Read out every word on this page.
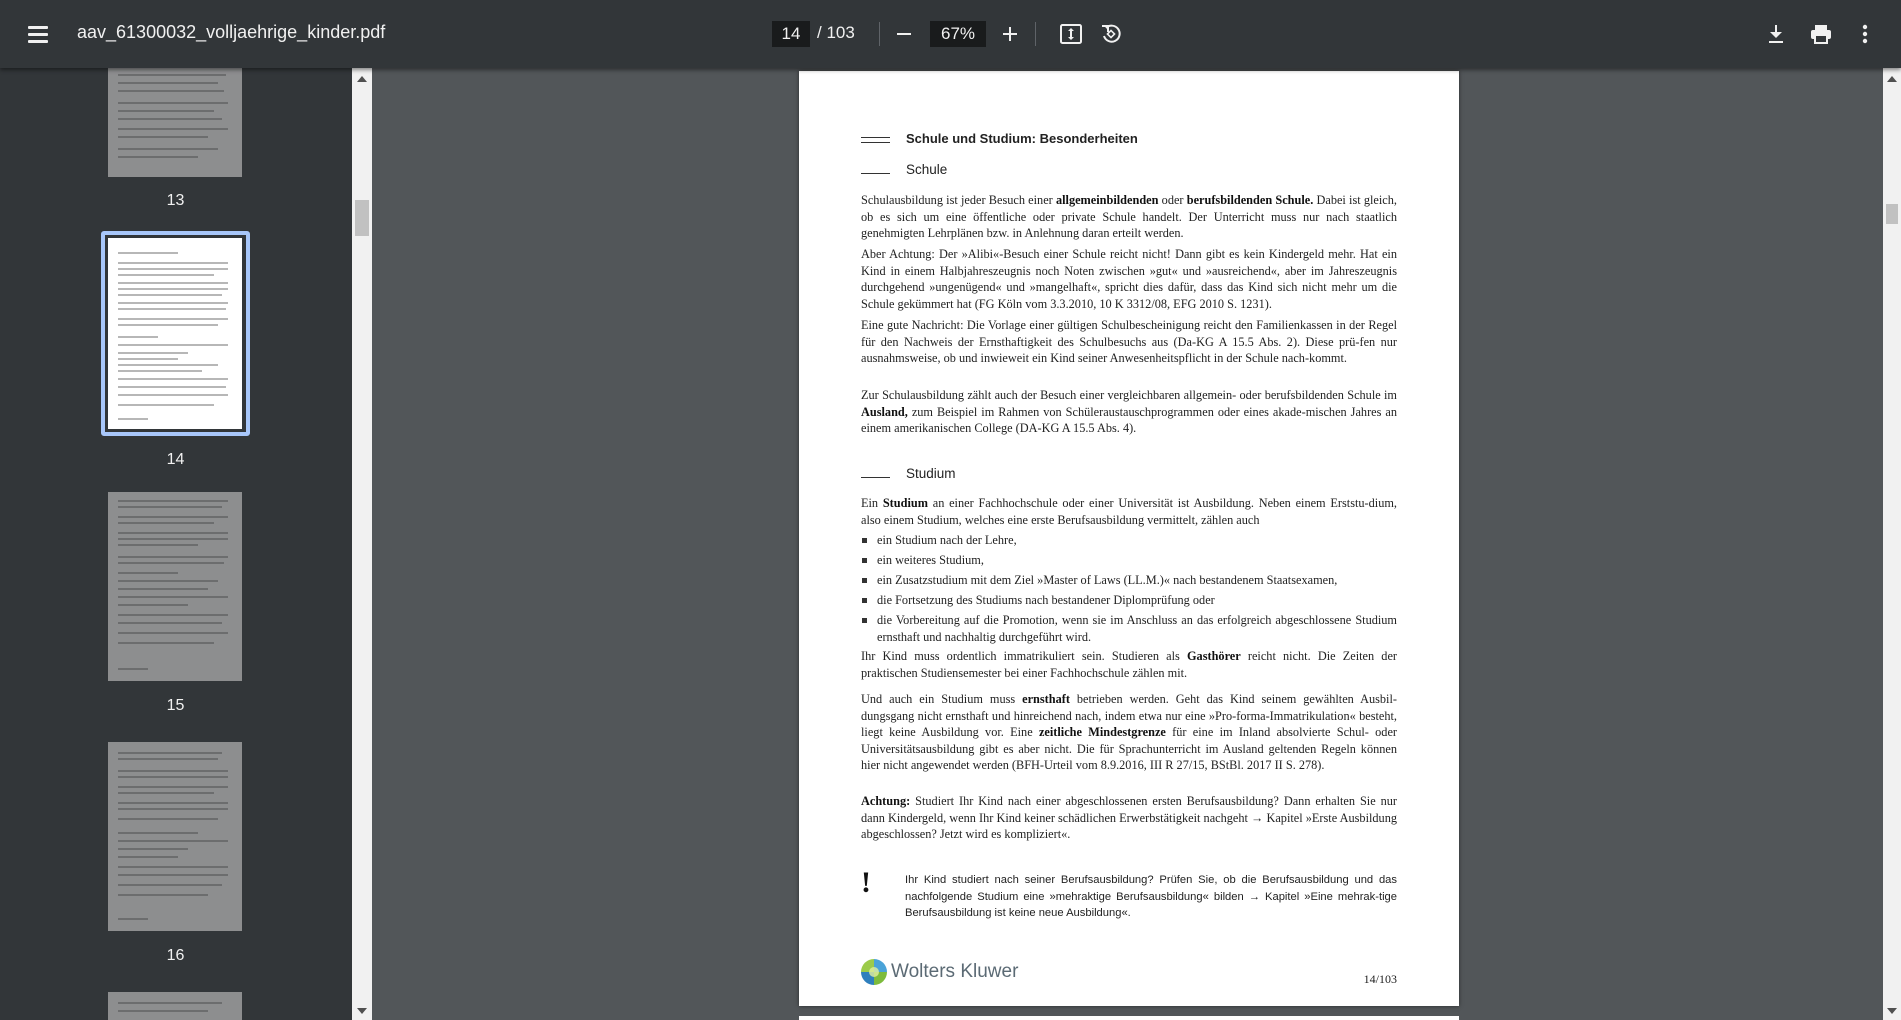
aav_61300032_volljaehrige_kinder.pdf	14 / 103	67%
13
14
15
16
Schule und Studium: Besonderheiten
Schule

Schulausbildung ist jeder Besuch einer allgemeinbildenden oder berufsbildenden Schule. Dabei ist gleich, ob es sich um eine öffentliche oder private Schule handelt. Der Unterricht muss nur nach staatlich genehmigten Lehrplänen bzw. in Anlehnung daran erteilt werden.

Aber Achtung: Der »Alibi«-Besuch einer Schule reicht nicht! Dann gibt es kein Kindergeld mehr. Hat ein Kind in einem Halbjahreszeugnis noch Noten zwischen »gut« und »ausreichend«, aber im Jahreszeugnis durchgehend »ungenügend« und »mangelhaft«, spricht dies dafür, dass das Kind sich nicht mehr um die Schule gekümmert hat (FG Köln vom 3.3.2010, 10 K 3312/08, EFG 2010 S. 1231).

Eine gute Nachricht: Die Vorlage einer gültigen Schulbescheinigung reicht den Familienkassen in der Regel für den Nachweis der Ernsthaftigkeit des Schulbesuchs aus (Da-KG A 15.5 Abs. 2). Diese prü-fen nur ausnahmsweise, ob und inwieweit ein Kind seiner Anwesenheitspflicht in der Schule nach-kommt.

Zur Schulausbildung zählt auch der Besuch einer vergleichbaren allgemein- oder berufsbildenden Schule im Ausland, zum Beispiel im Rahmen von Schüleraustauschprogrammen oder eines akade-mischen Jahres an einem amerikanischen College (DA-KG A 15.5 Abs. 4).

Studium

Ein Studium an einer Fachhochschule oder einer Universität ist Ausbildung. Neben einem Erststu-dium, also einem Studium, welches eine erste Berufsausbildung vermittelt, zählen auch

ein Studium nach der Lehre,
ein weiteres Studium,
ein Zusatzstudium mit dem Ziel »Master of Laws (LL.M.)« nach bestandenem Staatsexamen,
die Fortsetzung des Studiums nach bestandener Diplomprüfung oder
die Vorbereitung auf die Promotion, wenn sie im Anschluss an das erfolgreich abgeschlossene Studium ernsthaft und nachhaltig durchgeführt wird.

Ihr Kind muss ordentlich immatrikuliert sein. Studieren als Gasthörer reicht nicht. Die Zeiten der praktischen Studiensemester bei einer Fachhochschule zählen mit.

Und auch ein Studium muss ernsthaft betrieben werden. Geht das Kind seinem gewählten Ausbil-dungsgang nicht ernsthaft und hinreichend nach, indem etwa nur eine »Pro-forma-Immatrikulation« besteht, liegt keine Ausbildung vor. Eine zeitliche Mindestgrenze für eine im Inland absolvierte Schul- oder Universitätsausbildung gibt es aber nicht. Die für Sprachunterricht im Ausland geltenden Regeln können hier nicht angewendet werden (BFH-Urteil vom 8.9.2016, III R 27/15, BStBl. 2017 II S. 278).

Achtung: Studiert Ihr Kind nach einer abgeschlossenen ersten Berufsausbildung? Dann erhalten Sie nur dann Kindergeld, wenn Ihr Kind keiner schädlichen Erwerbstätigkeit nachgeht → Kapitel »Erste Ausbildung abgeschlossen? Jetzt wird es kompliziert«.

!	Ihr Kind studiert nach seiner Berufsausbildung? Prüfen Sie, ob die Berufsausbildung und das nachfolgende Studium eine »mehraktige Berufsausbildung« bilden → Kapitel »Eine mehrak-tige Berufsausbildung ist keine neue Ausbildung«.
Wolters Kluwer	14/103
